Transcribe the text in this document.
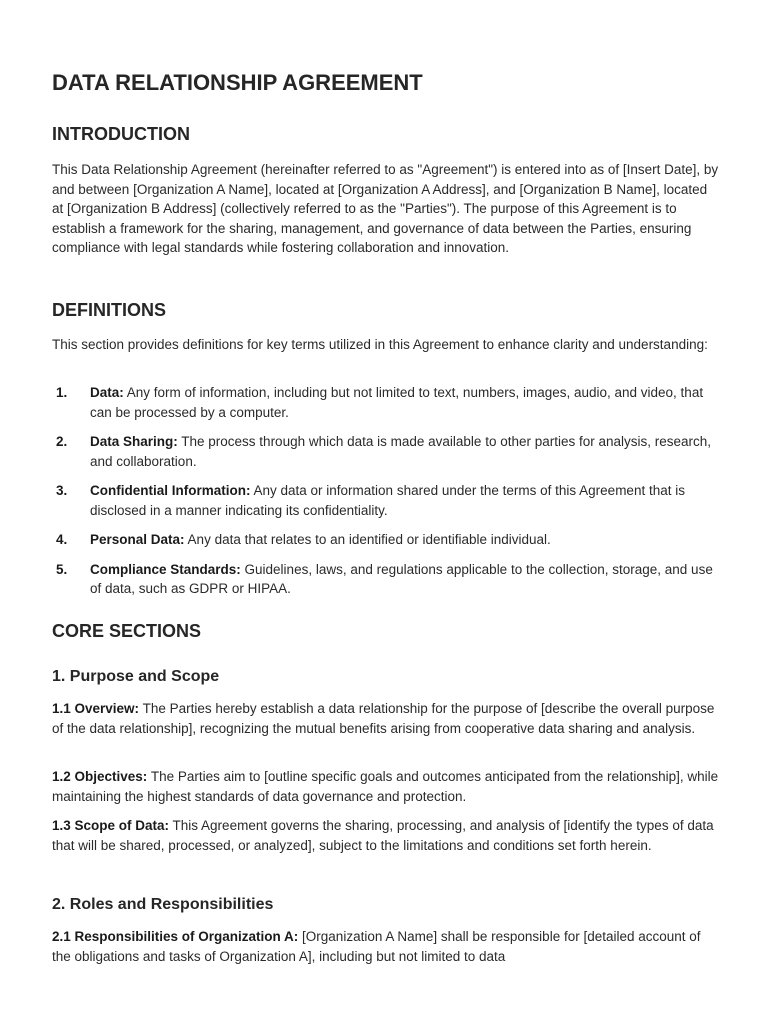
DATA RELATIONSHIP AGREEMENT
INTRODUCTION

This Data Relationship Agreement (hereinafter referred to as "Agreement") is entered into as of [Insert Date], by and between [Organization A Name], located at [Organization A Address], and [Organization B Name], located at [Organization B Address] (collectively referred to as the "Parties"). The purpose of this Agreement is to establish a framework for the sharing, management, and governance of data between the Parties, ensuring compliance with legal standards while fostering collaboration and innovation.

DEFINITIONS

This section provides definitions for key terms utilized in this Agreement to enhance clarity and understanding:

1. Data: Any form of information, including but not limited to text, numbers, images, audio, and video, that can be processed by a computer.
2. Data Sharing: The process through which data is made available to other parties for analysis, research, and collaboration.
3. Confidential Information: Any data or information shared under the terms of this Agreement that is disclosed in a manner indicating its confidentiality.
4. Personal Data: Any data that relates to an identified or identifiable individual.
5. Compliance Standards: Guidelines, laws, and regulations applicable to the collection, storage, and use of data, such as GDPR or HIPAA.
CORE SECTIONS
1. Purpose and Scope

1.1 Overview: The Parties hereby establish a data relationship for the purpose of [describe the overall purpose of the data relationship], recognizing the mutual benefits arising from cooperative data sharing and analysis.

1.2 Objectives: The Parties aim to [outline specific goals and outcomes anticipated from the relationship], while maintaining the highest standards of data governance and protection.

1.3 Scope of Data: This Agreement governs the sharing, processing, and analysis of [identify the types of data that will be shared, processed, or analyzed], subject to the limitations and conditions set forth herein.

2. Roles and Responsibilities

2.1 Responsibilities of Organization A: [Organization A Name] shall be responsible for [detailed account of the obligations and tasks of Organization A], including but not limited to data
